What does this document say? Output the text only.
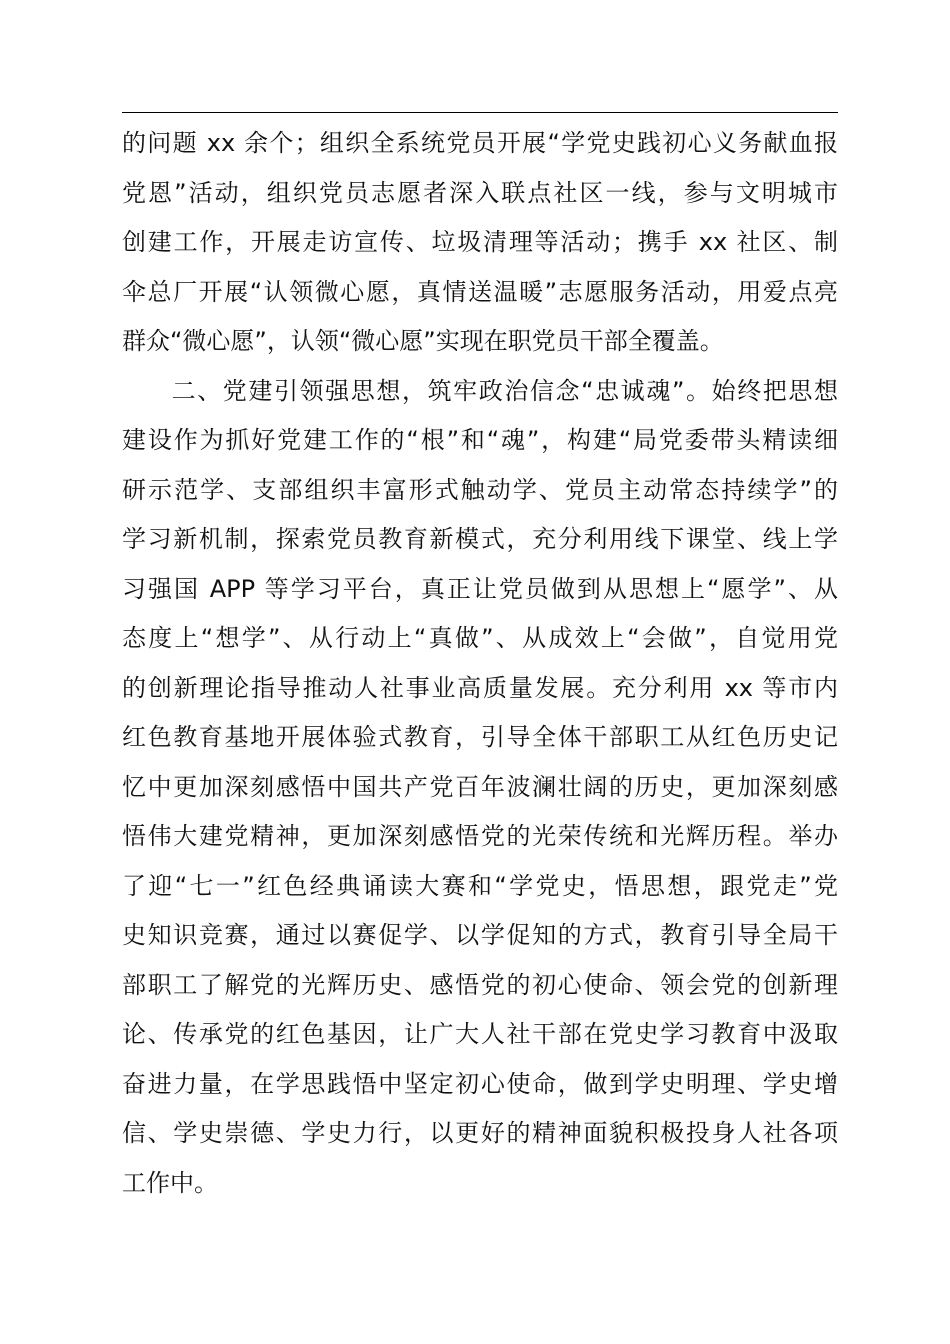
的问题 xx 余个；组织全系统党员开展“学党史践初心义务献血报
党恩”活动，组织党员志愿者深入联点社区一线，参与文明城市
创建工作，开展走访宣传、垃圾清理等活动；携手 xx 社区、制
伞总厂开展“认领微心愿，真情送温暖”志愿服务活动，用爱点亮
群众“微心愿”，认领“微心愿”实现在职党员干部全覆盖。
二、党建引领强思想，筑牢政治信念“忠诚魂”。始终把思想
建设作为抓好党建工作的“根”和“魂”，构建“局党委带头精读细
研示范学、支部组织丰富形式触动学、党员主动常态持续学”的
学习新机制，探索党员教育新模式，充分利用线下课堂、线上学
习强国 APP 等学习平台，真正让党员做到从思想上“愿学”、从
态度上“想学”、从行动上“真做”、从成效上“会做”，自觉用党
的创新理论指导推动人社事业高质量发展。充分利用 xx 等市内
红色教育基地开展体验式教育，引导全体干部职工从红色历史记
忆中更加深刻感悟中国共产党百年波澜壮阔的历史，更加深刻感
悟伟大建党精神，更加深刻感悟党的光荣传统和光辉历程。举办
了迎“七一”红色经典诵读大赛和“学党史，悟思想，跟党走”党
史知识竞赛，通过以赛促学、以学促知的方式，教育引导全局干
部职工了解党的光辉历史、感悟党的初心使命、领会党的创新理
论、传承党的红色基因，让广大人社干部在党史学习教育中汲取
奋进力量，在学思践悟中坚定初心使命，做到学史明理、学史增
信、学史崇德、学史力行，以更好的精神面貌积极投身人社各项
工作中。
